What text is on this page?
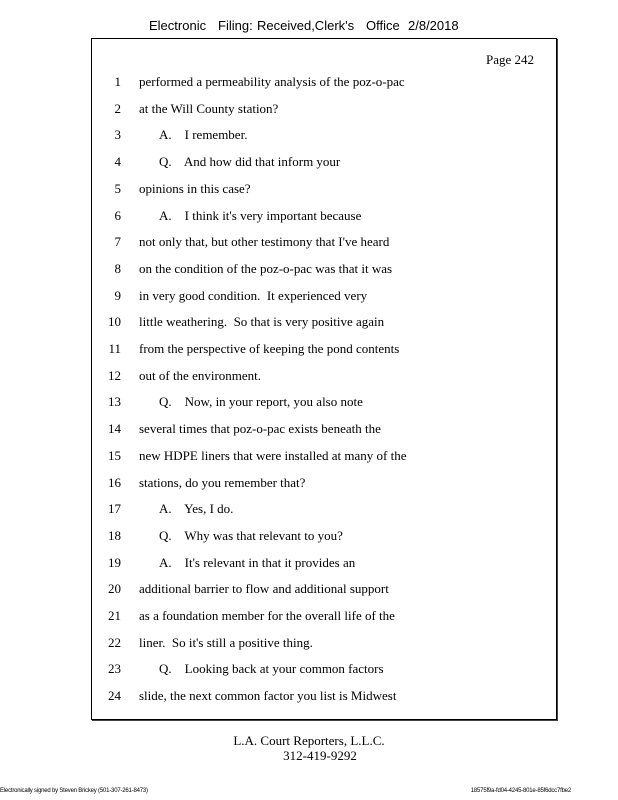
Electronic Filing: Received,Clerk's Office 2/8/2018
Page 242
1 performed a permeability analysis of the poz-o-pac
2 at the Will County station?
3	A.    I remember.
4	Q.    And how did that inform your
5 opinions in this case?
6	A.    I think it's very important because
7 not only that, but other testimony that I've heard
8 on the condition of the poz-o-pac was that it was
9 in very good condition.  It experienced very
10 little weathering.  So that is very positive again
11 from the perspective of keeping the pond contents
12 out of the environment.
13	Q.    Now, in your report, you also note
14 several times that poz-o-pac exists beneath the
15 new HDPE liners that were installed at many of the
16 stations, do you remember that?
17	A.    Yes, I do.
18	Q.    Why was that relevant to you?
19	A.    It's relevant in that it provides an
20 additional barrier to flow and additional support
21 as a foundation member for the overall life of the
22 liner.  So it's still a positive thing.
23	Q.    Looking back at your common factors
24 slide, the next common factor you list is Midwest
L.A. Court Reporters, L.L.C.
312-419-9292
Electronically signed by Steven Brickey (501-307-261-8473)	18575f9a-fd04-4245-801e-85f6dcc7fbe2
